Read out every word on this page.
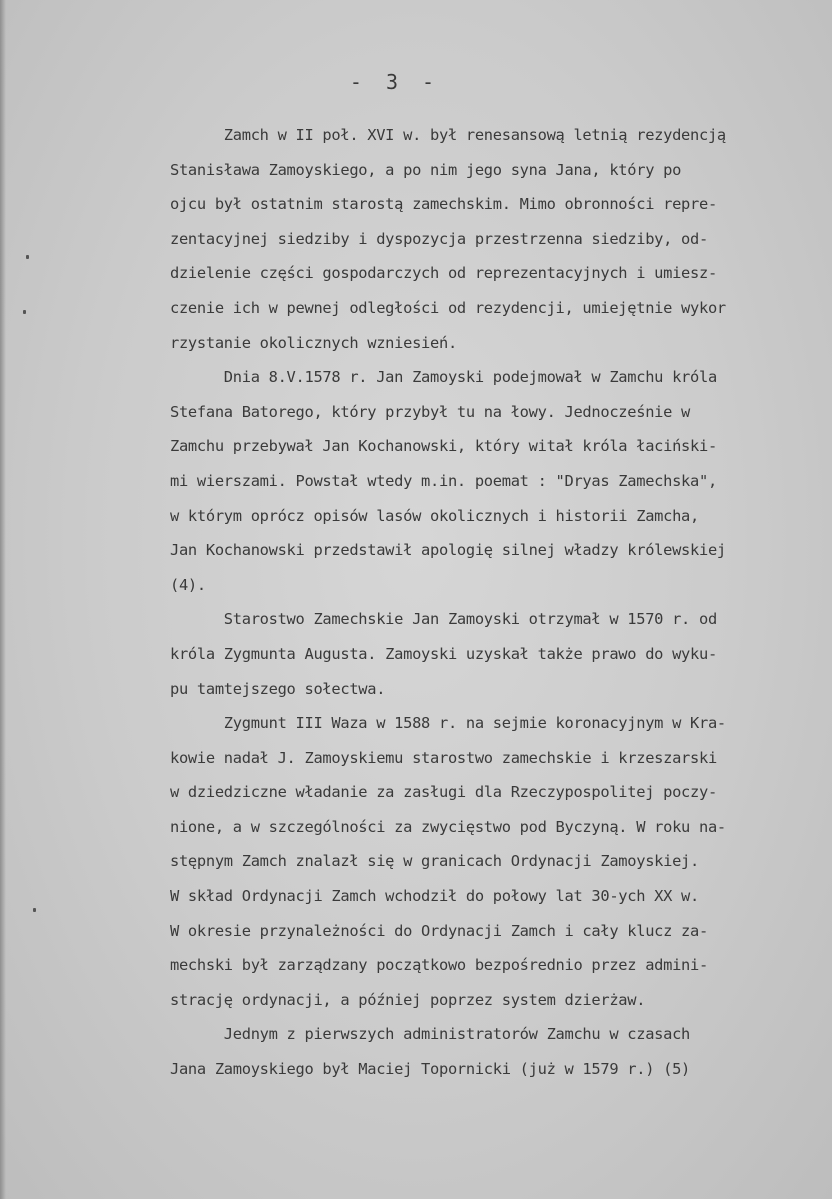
- 3 -
Zamch w II poł. XVI w. był renesansową letnią rezydencją
Stanisława Zamoyskiego, a po nim jego syna Jana, który po
ojcu był ostatnim starostą zamechskim. Mimo obronności repre-
zentacyjnej siedziby i dyspozycja przestrzenna siedziby, od-
dzielenie części gospodarczych od reprezentacyjnych i umiesz-
czenie ich w pewnej odległości od rezydencji, umiejętnie wykor
rzystanie okolicznych wzniesień.
Dnia 8.V.1578 r. Jan Zamoyski podejmował w Zamchu króla
Stefana Batorego, który przybył tu na łowy. Jednocześnie w
Zamchu przebywał Jan Kochanowski, który witał króla łaciński-
mi wierszami. Powstał wtedy m.in. poemat : "Dryas Zamechska",
w którym oprócz opisów lasów okolicznych i historii Zamcha,
Jan Kochanowski przedstawił apologię silnej władzy królewskiej
(4).
Starostwo Zamechskie Jan Zamoyski otrzymał w 1570 r. od
króla Zygmunta Augusta. Zamoyski uzyskał także prawo do wyku-
pu tamtejszego sołectwa.
Zygmunt III Waza w 1588 r. na sejmie koronacyjnym w Kra-
kowie nadał J. Zamoyskiemu starostwo zamechskie i krzeszarski
w dziedziczne władanie za zasługi dla Rzeczypospolitej poczy-
nione, a w szczególności za zwycięstwo pod Byczyną. W roku na-
stępnym Zamch znalazł się w granicach Ordynacji Zamoyskiej.
W skład Ordynacji Zamch wchodził do połowy lat 30-ych XX w.
W okresie przynależności do Ordynacji Zamch i cały klucz za-
mechski był zarządzany początkowo bezpośrednio przez admini-
strację ordynacji, a później poprzez system dzierżaw.
Jednym z pierwszych administratorów Zamchu w czasach
Jana Zamoyskiego był Maciej Topornicki (już w 1579 r.) (5)
